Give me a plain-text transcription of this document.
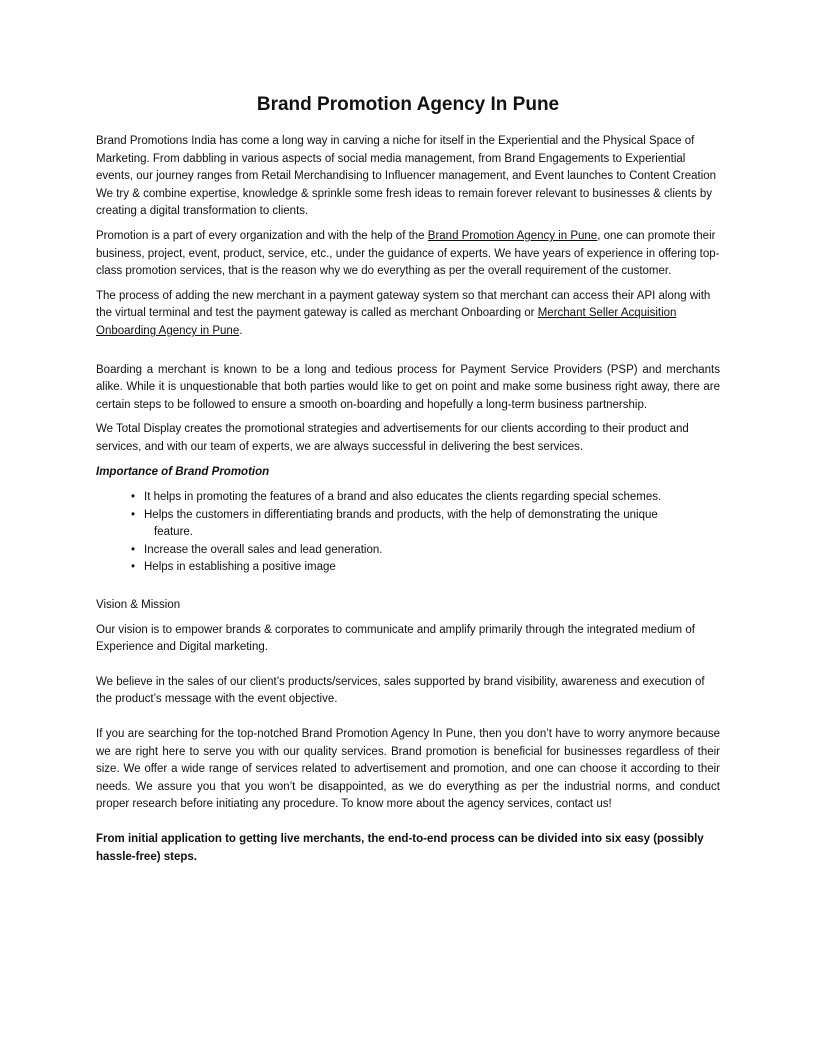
Brand Promotion Agency In Pune

Brand Promotions India has come a long way in carving a niche for itself in the Experiential and the Physical Space of Marketing. From dabbling in various aspects of social media management, from Brand Engagements to Experiential events, our journey ranges from Retail Merchandising to Influencer management, and Event launches to Content Creation We try & combine expertise, knowledge & sprinkle some fresh ideas to remain forever relevant to businesses & clients by creating a digital transformation to clients.

Promotion is a part of every organization and with the help of the Brand Promotion Agency in Pune, one can promote their business, project, event, product, service, etc., under the guidance of experts. We have years of experience in offering top-class promotion services, that is the reason why we do everything as per the overall requirement of the customer.

The process of adding the new merchant in a payment gateway system so that merchant can access their API along with the virtual terminal and test the payment gateway is called as merchant Onboarding or Merchant Seller Acquisition Onboarding Agency in Pune.

Boarding a merchant is known to be a long and tedious process for Payment Service Providers (PSP) and merchants alike. While it is unquestionable that both parties would like to get on point and make some business right away, there are certain steps to be followed to ensure a smooth on-boarding and hopefully a long-term business partnership.

We Total Display creates the promotional strategies and advertisements for our clients according to their product and services, and with our team of experts, we are always successful in delivering the best services.

Importance of Brand Promotion

• It helps in promoting the features of a brand and also educates the clients regarding special schemes.
• Helps the customers in differentiating brands and products, with the help of demonstrating the unique
feature.
• Increase the overall sales and lead generation.
• Helps in establishing a positive image

Vision & Mission

Our vision is to empower brands & corporates to communicate and amplify primarily through the integrated medium of Experience and Digital marketing.

We believe in the sales of our client’s products/services, sales supported by brand visibility, awareness and execution of the product’s message with the event objective.

If you are searching for the top-notched Brand Promotion Agency In Pune, then you don’t have to worry anymore because we are right here to serve you with our quality services. Brand promotion is beneficial for businesses regardless of their size. We offer a wide range of services related to advertisement and promotion, and one can choose it according to their needs. We assure you that you won’t be disappointed, as we do everything as per the industrial norms, and conduct proper research before initiating any procedure. To know more about the agency services, contact us!

From initial application to getting live merchants, the end-to-end process can be divided into six easy (possibly hassle-free) steps.
